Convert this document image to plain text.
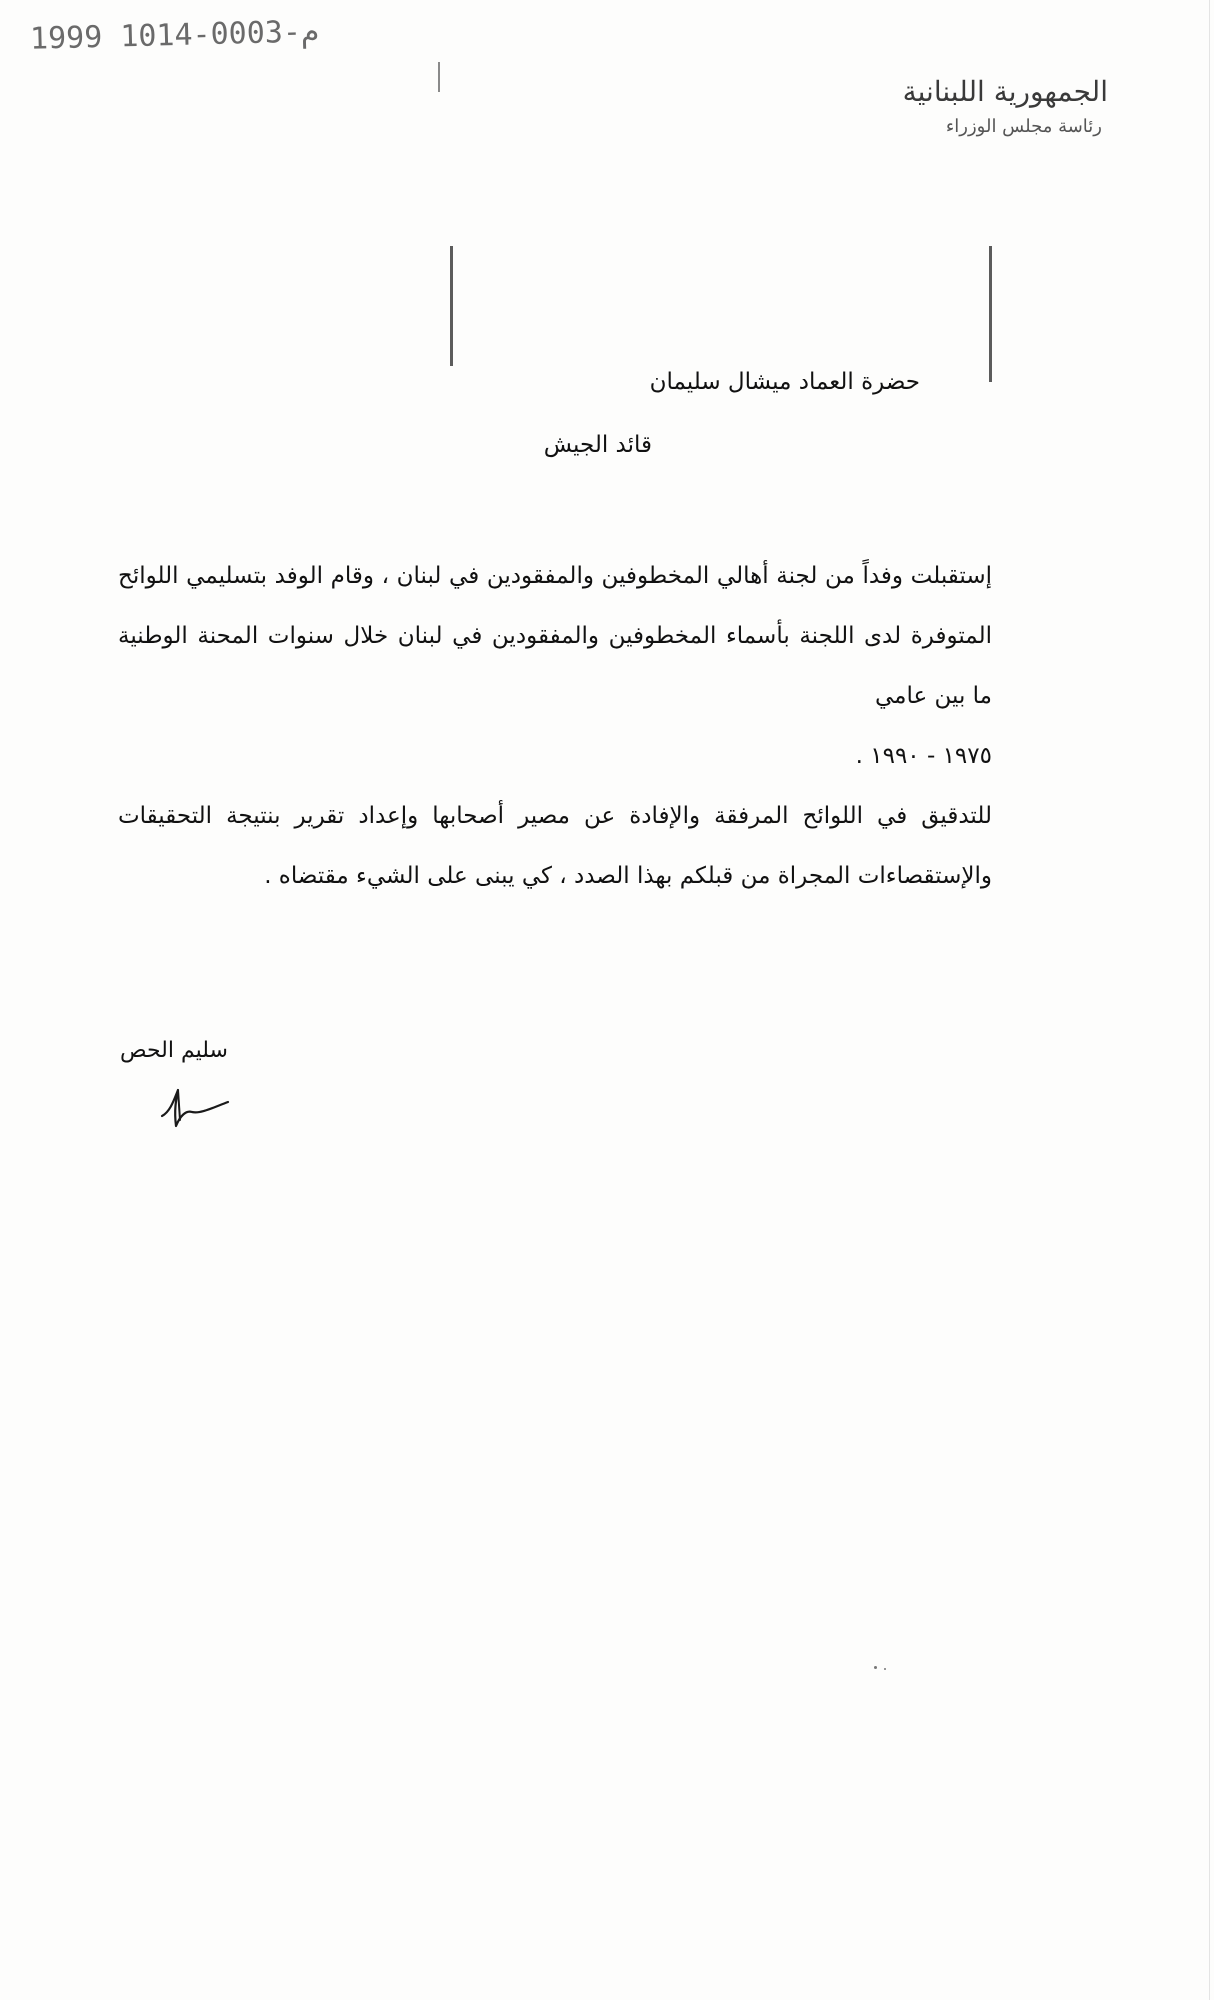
1999 1014-0003-م
الجمهورية اللبنانية
رئاسة مجلس الوزراء
حضرة العماد ميشال سليمان
قائد الجيش

إستقبلت وفداً من لجنة أهالي المخطوفين والمفقودين في لبنان ، وقام الوفد بتسليمي اللوائح المتوفرة لدى اللجنة بأسماء المخطوفين والمفقودين في لبنان خلال سنوات المحنة الوطنية ما بين عامي

١٩٧٥ - ١٩٩٠ .

للتدقيق في اللوائح المرفقة والإفادة عن مصير أصحابها وإعداد تقرير بنتيجة التحقيقات والإستقصاءات المجراة من قبلكم بهذا الصدد ، كي يبنى على الشيء مقتضاه .

سليم الحص
